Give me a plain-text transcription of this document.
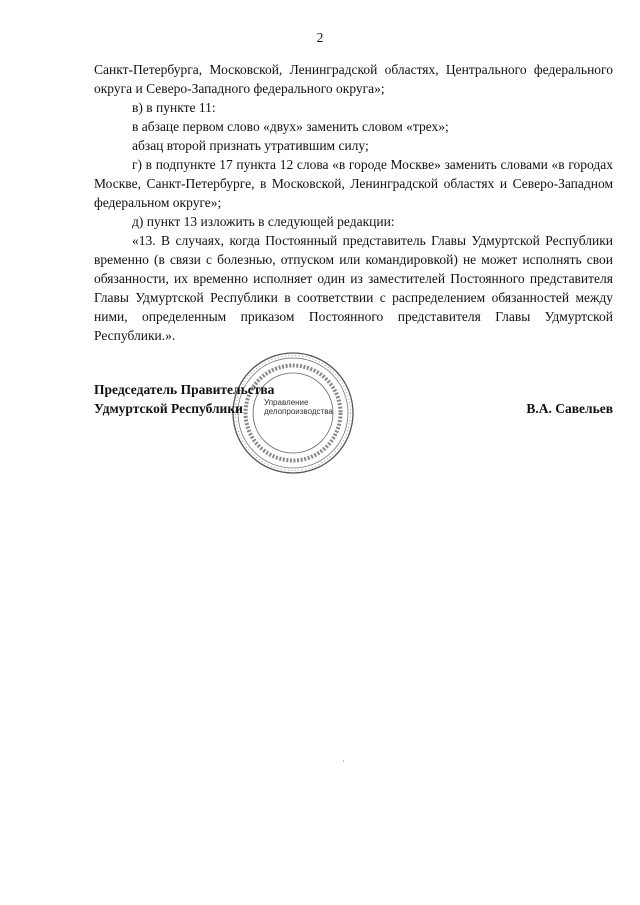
2

Санкт-Петербурга, Московской, Ленинградской областях, Центрального федерального округа и Северо-Западного федерального округа»;

в) в пункте 11:

в абзаце первом слово «двух» заменить словом «трех»;

абзац второй признать утратившим силу;

г) в подпункте 17 пункта 12 слова «в городе Москве» заменить словами «в городах Москве, Санкт-Петербурге, в Московской, Ленинградской областях и Северо-Западном федеральном округе»;

д) пункт 13 изложить в следующей редакции:

«13. В случаях, когда Постоянный представитель Главы Удмуртской Республики временно (в связи с болезнью, отпуском или командировкой) не может исполнять свои обязанности, их временно исполняет один из заместителей Постоянного представителя Главы Удмуртской Республики в соответствии с распределением обязанностей между ними, определенным приказом Постоянного представителя Главы Удмуртской Республики.».

Управление
делопроизводства
Председатель Правительства
Удмуртской Республики	В.А. Савельев
